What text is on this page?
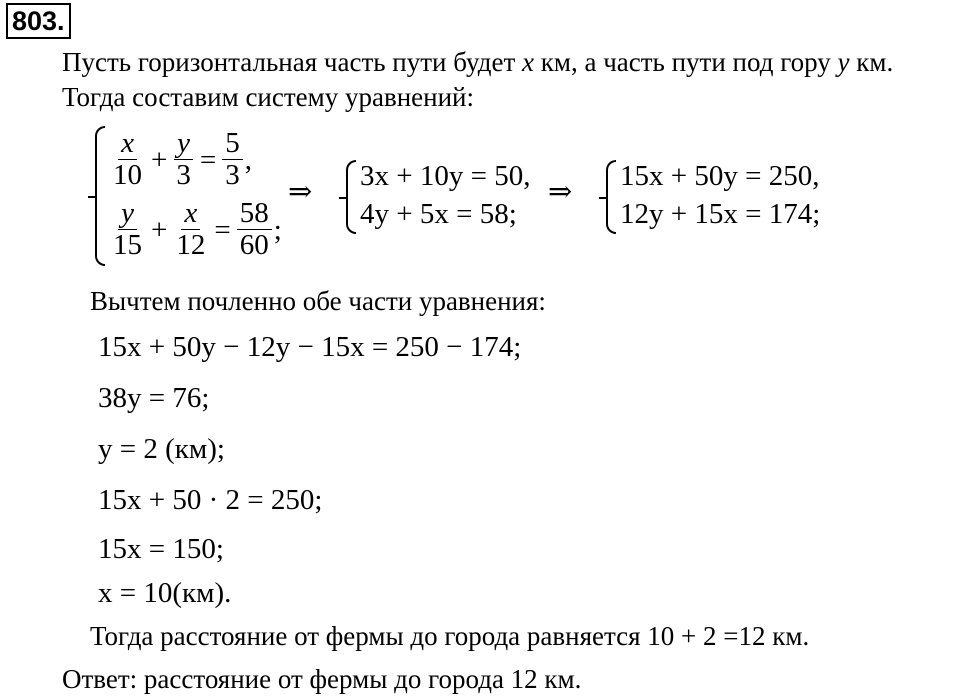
803.
Пусть горизонтальная часть пути будет x км, а часть пути под гору y км.
Тогда составим систему уравнений:
$\frac{x}{10} + \frac{y}{3} = \frac{5}{3}$ ,
$\frac{y}{15} + \frac{x}{12} = \frac{58}{60}$ ;
⇒ 3x + 10y = 50,
4y + 5x = 58;
⇒ 15x + 50y = 250,
12y + 15x = 174;
Вычтем почленно обе части уравнения:
15x + 50y − 12y − 15x = 250 − 174;
38y = 76;
y = 2 (км);
15x + 50 · 2 = 250;
15x = 150;
x = 10(км).
Тогда расстояние от фермы до города равняется 10 + 2 =12 км.
Ответ: расстояние от фермы до города 12 км.
